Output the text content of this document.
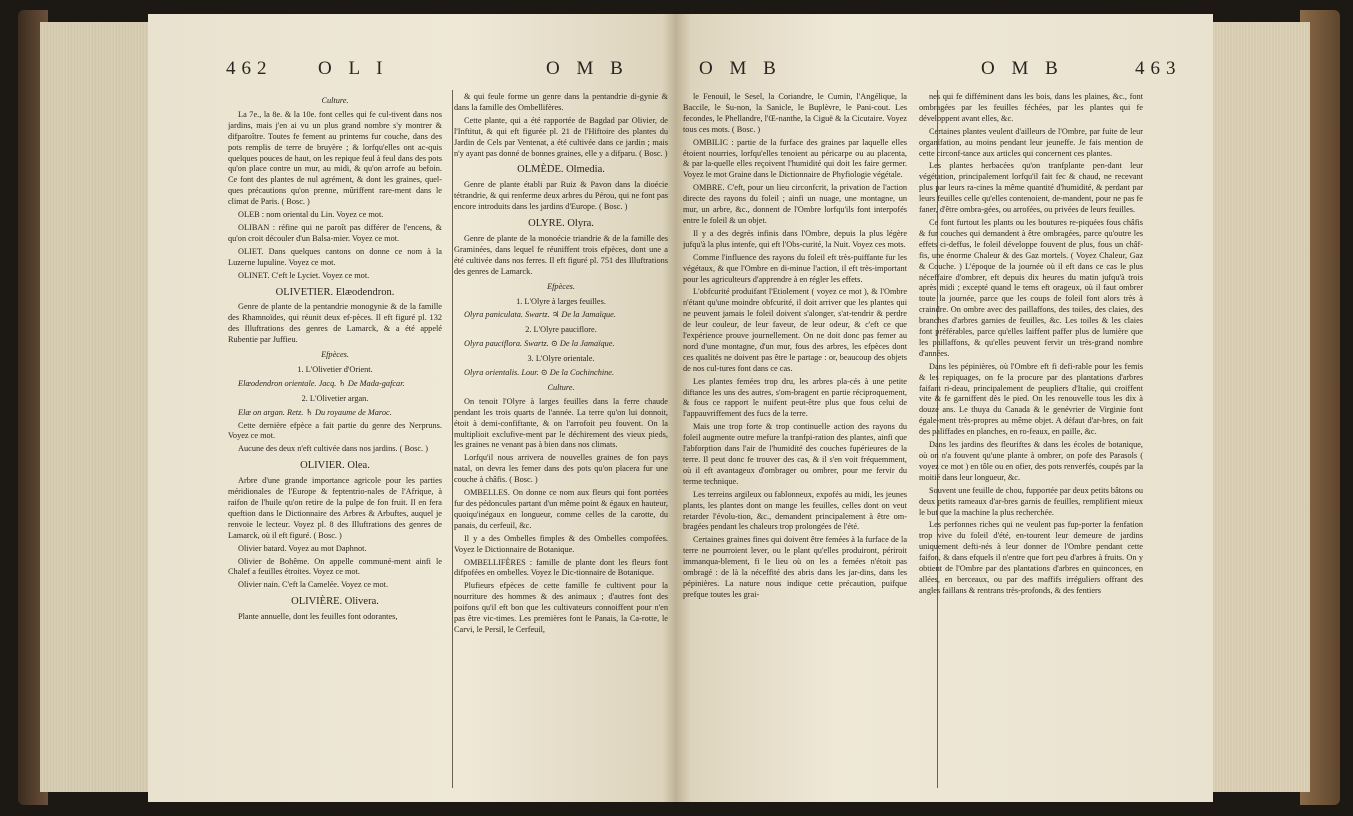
462 O L I	O M B

Culture.

La 7e., la 8e. & la 10e. font celles qui fe cul-tivent dans nos jardins, mais j'en ai vu un plus grand nombre s'y montrer & difparoître. Toutes fe fement au printems fur couche, dans des pots remplis de terre de bruyère ; & lorfqu'elles ont ac-quis quelques pouces de haut, on les repique feul à feul dans des pots qu'on place contre un mur, au midi, & qu'on arrofe au befoin. Ce font des plantes de nul agrément, & dont les graines, quel-ques précautions qu'on prenne, mûriffent rare-ment dans le climat de Paris. ( Bosc. )

OLEB : nom oriental du Lin. Voyez ce mot.

OLIBAN : réfine qui ne paroît pas différer de l'encens, & qu'on croit découler d'un Balsa-mier. Voyez ce mot.

OLIET. Dans quelques cantons on donne ce nom à la Luzerne lupuline. Voyez ce mot.

OLINET. C'eft le Lyciet. Voyez ce mot.

OLIVETIER. Elæodendron.

Genre de plante de la pentandrie monogynie & de la famille des Rhamnoïdes, qui réunit deux ef-pèces. Il eft figuré pl. 132 des Illuftrations des genres de Lamarck, & a été appelé Rubentie par Juffieu.

Efpèces.

1. L'Olivetier d'Orient.

Elæodendron orientale. Jacq. ♄ De Mada-gafcar.

2. L'Olivetier argan.

Elæ on argan. Retz. ♄ Du royaume de Maroc.

Cette dernière efpèce a fait partie du genre des Nerpruns. Voyez ce mot.

Aucune des deux n'eft cultivée dans nos jardins. ( Bosc. )

OLIVIER. Olea.

Arbre d'une grande importance agricole pour les parties méridionales de l'Europe & feptentrio-nales de l'Afrique, à raifon de l'huile qu'on retire de la pulpe de fon fruit. Il en fera queftion dans le Dictionnaire des Arbres & Arbuftes, auquel je renvoie le lecteur. Voyez pl. 8 des Illuftrations des genres de Lamarck, où il eft figuré. ( Bosc. )

Olivier batard. Voyez au mot Daphnot.

Olivier de Bohême. On appelle communé-ment ainfi le Chalef a feuilles étroites. Voyez ce mot.

Olivier nain. C'eft la Camelée. Voyez ce mot.

OLIVIÈRE. Olivera.

Plante annuelle, dont les feuilles font odorantes,

& qui feule forme un genre dans la pentandrie di-gynie & dans la famille des Ombellifères.

Cette plante, qui a été rapportée de Bagdad par Olivier, de l'Inftitut, & qui eft figurée pl. 21 de l'Hiftoire des plantes du Jardin de Cels par Ventenat, a été cultivée dans ce jardin ; mais n'y ayant pas donné de bonnes graines, elle y a difparu. ( Bosc. )

OLMÈDE. Olmedia.

Genre de plante établi par Ruiz & Pavon dans la dioécie tétrandrie, & qui renferme deux arbres du Pérou, qui ne font pas encore introduits dans les jardins d'Europe. ( Bosc. )

OLYRE. Olyra.

Genre de plante de la monoécie triandrie & de la famille des Graminées, dans lequel fe réuniffent trois efpèces, dont une a été cultivée dans nos ferres. Il eft figuré pl. 751 des Illuftrations des genres de Lamarck.

Efpèces.

1. L'Olyre à larges feuilles.

Olyra paniculata. Swartz. ♃ De la Jamaïque.

2. L'Olyre pauciflore.

Olyra pauciflora. Swartz. ⊙ De la Jamaïque.

3. L'Olyre orientale.

Olyra orientalis. Lour. ⊙ De la Cochinchine.

Culture.

On tenoit l'Olyre à larges feuilles dans la ferre chaude pendant les trois quarts de l'année. La terre qu'on lui donnoit, étoit à demi-confiftante, & on l'arrofoit peu fouvent. On la multiplioit exclufive-ment par le déchirement des vieux pieds, les graines ne venant pas à bien dans nos climats.

Lorfqu'il nous arrivera de nouvelles graines de fon pays natal, on devra les femer dans des pots qu'on placera fur une couche à châfis. ( Bosc. )

OMBELLES. On donne ce nom aux fleurs qui font portées fur des pédoncules partant d'un même point & égaux en hauteur, quoiqu'inégaux en longueur, comme celles de la carotte, du panais, du cerfeuil, &c.

Il y a des Ombelles fimples & des Ombelles compofées. Voyez le Dictionnaire de Botanique.

OMBELLIFÈRES : famille de plante dont les fleurs font difpofées en ombelles. Voyez le Dic-tionnaire de Botanique.

Plufieurs efpèces de cette famille fe cultivent pour la nourriture des hommes & des animaux ; d'autres font des poifons qu'il eft bon que les cultivateurs connoiffent pour n'en pas être vic-times. Les premières font le Panais, la Ca-rotte, le Carvi, le Persil, le Cerfeuil,

O M B	O M B	463

le Fenouil, le Sesel, la Coriandre, le Cumin, l'Angélique, la Baccile, le Su-non, la Sanicle, le Buplèvre, le Pani-cout. Les fecondes, le Phellandre, l'Œ-nanthe, la Ciguë & la Cicutaire. Voyez tous ces mots. ( Bosc. )

OMBILIC : partie de la furface des graines par laquelle elles étoient nourries, lorfqu'elles tenoient au péricarpe ou au placenta, & par la-quelle elles reçoivent l'humidité qui doit les faire germer. Voyez le mot Graine dans le Dictionnaire de Phyfiologie végétale.

OMBRE. C'eft, pour un lieu circonfcrit, la privation de l'action directe des rayons du foleil ; ainfi un nuage, une montagne, un mur, un arbre, &c., donnent de l'Ombre lorfqu'ils font interpofés entre le foleil & un objet.

Il y a des degrés infinis dans l'Ombre, depuis la plus légère jufqu'à la plus intenfe, qui eft l'Obs-curité, la Nuit. Voyez ces mots.

Comme l'influence des rayons du foleil eft très-puiffante fur les végétaux, & que l'Ombre en di-minue l'action, il eft très-important pour les agriculteurs d'apprendre à en régler les effets.

L'obfcurité produifant l'Etiolement ( voyez ce mot ), & l'Ombre n'étant qu'une moindre obfcurité, il doit arriver que les plantes qui ne peuvent jamais le foleil doivent s'alonger, s'at-tendrir & perdre de leur couleur, de leur faveur, de leur odeur, & c'eft ce que l'expérience prouve journellement. On ne doit donc pas femer au nord d'une montagne, d'un mur, fous des arbres, les efpèces dont ces qualités ne doivent pas être le partage : or, beaucoup des objets de nos cul-tures font dans ce cas.

Les plantes femées trop dru, les arbres pla-cés à une petite diftance les uns des autres, s'om-bragent en partie réciproquement, & fous ce rapport le nuifent peut-être plus que fous celui de l'appauvriffement des fucs de la terre.

Mais une trop forte & trop continuelle action des rayons du foleil augmente outre mefure la tranfpi-ration des plantes, ainfi que l'abforption dans l'air de l'humidité des couches fupérieures de la terre. Il peut donc fe trouver des cas, & il s'en voit fréquemment, où il eft avantageux d'ombrager ou ombrer, pour me fervir du terme technique.

Les terreins argileux ou fablonneux, expofés au midi, les jeunes plants, les plantes dont on mange les feuilles, celles dont on veut retarder l'évolu-tion, &c., demandent principalement à être om-bragées pendant les chaleurs trop prolongées de l'été.

Certaines graines fines qui doivent être femées à la furface de la terre ne pourroient lever, ou le plant qu'elles produiront, périroit immanqua-blement, fi le lieu où on les a femées n'étoit pas ombragé : de là la néceffité des abris dans les jar-dins, dans les pépinières. La nature nous indique cette précaution, puifque prefque toutes les grai-

nes qui fe difféminent dans les bois, dans les plaines, &c., font ombragées par les feuilles féchées, par les plantes qui fe développent avant elles, &c.

Certaines plantes veulent d'ailleurs de l'Ombre, par fuite de leur organifation, au moins pendant leur jeuneffe. Je fais mention de cette circonf-tance aux articles qui concernent ces plantes.

Les plantes herbacées qu'on tranfplante pen-dant leur végétation, principalement lorfqu'il fait fec & chaud, ne recevant plus par leurs ra-cines la même quantité d'humidité, & perdant par leurs feuilles celle qu'elles contenoient, de-mandent, pour ne pas fe faner, d'être ombra-gées, ou arrofées, ou privées de leurs feuilles.

Ce font furtout les plants ou les boutures re-piquées fous châfis & fur couches qui demandent à être ombragées, parce qu'outre les effets ci-deffus, le foleil développe fouvent de plus, fous un châf-fis, une énorme Chaleur & des Gaz mortels. ( Voyez Chaleur, Gaz & Couche. ) L'époque de la journée où il eft dans ce cas le plus néceffaire d'ombrer, eft depuis dix heures du matin jufqu'à trois après midi ; excepté quand le tems eft orageux, où il faut ombrer toute la journée, parce que les coups de foleil font alors très à craindre. On ombre avec des paillaffons, des toiles, des claies, des branches d'arbres garnies de feuilles, &c. Les toiles & les claies font préférables, parce qu'elles laiffent paffer plus de lumière que les paillaffons, & qu'elles peuvent fervir un très-grand nombre d'années.

Dans les pépinières, où l'Ombre eft fi defi-rable pour les femis & les repiquages, on fe la procure par des plantations d'arbres faifant ri-deau, principalement de peupliers d'Italie, qui croiffent vite & fe garniffent dès le pied. On les renouvelle tous les dix à douze ans. Le thuya du Canada & le genévrier de Virginie font égale-ment très-propres au même objet. A défaut d'ar-bres, on fait des paliffades en planches, en ro-feaux, en paille, &c.

Dans les jardins des fleuriftes & dans les écoles de botanique, où on n'a fouvent qu'une plante à ombrer, on pofe des Parasols ( voyez ce mot ) en tôle ou en ofier, des pots renverfés, coupés par la moitié dans leur longueur, &c.

Souvent une feuille de chou, fupportée par deux petits bâtons ou deux petits rameaux d'ar-bres garnis de feuilles, remplifient mieux le but que la machine la plus recherchée.

Les perfonnes riches qui ne veulent pas fup-porter la fenfation trop vive du foleil d'été, en-tourent leur demeure de jardins uniquement defti-nés à leur donner de l'Ombre pendant cette faifon, & dans efquels il n'entre que fort peu d'arbres à fruits. On y obtient de l'Ombre par des plantations d'arbres en quinconces, en allées, en berceaux, ou par des maffifs irréguliers offrant des angles faillans & rentrans très-profonds, & des fentiers
